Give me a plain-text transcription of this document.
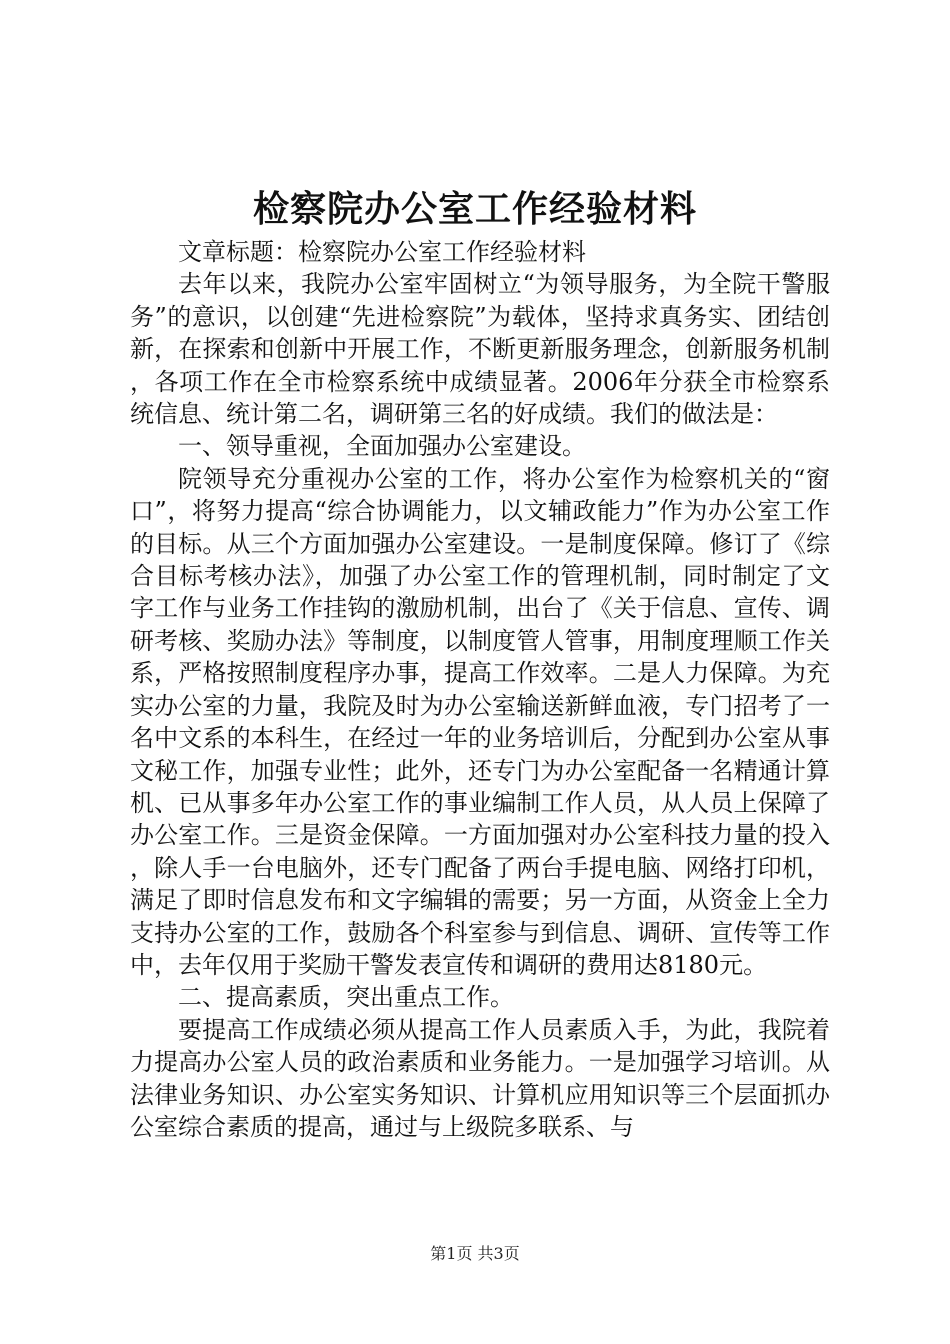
检察院办公室工作经验材料

文章标题：检察院办公室工作经验材料

去年以来，我院办公室牢固树立“为领导服务，为全院干警服务”的意识，以创建“先进检察院”为载体，坚持求真务实、团结创新，在探索和创新中开展工作，不断更新服务理念，创新服务机制，各项工作在全市检察系统中成绩显著。2006年分获全市检察系统信息、统计第二名，调研第三名的好成绩。我们的做法是：

一、领导重视，全面加强办公室建设。

院领导充分重视办公室的工作，将办公室作为检察机关的“窗口”，将努力提高“综合协调能力，以文辅政能力”作为办公室工作的目标。从三个方面加强办公室建设。一是制度保障。修订了《综合目标考核办法》，加强了办公室工作的管理机制，同时制定了文字工作与业务工作挂钩的激励机制，出台了《关于信息、宣传、调研考核、奖励办法》等制度，以制度管人管事，用制度理顺工作关系，严格按照制度程序办事，提高工作效率。二是人力保障。为充实办公室的力量，我院及时为办公室输送新鲜血液，专门招考了一名中文系的本科生，在经过一年的业务培训后，分配到办公室从事文秘工作，加强专业性；此外，还专门为办公室配备一名精通计算机、已从事多年办公室工作的事业编制工作人员，从人员上保障了办公室工作。三是资金保障。一方面加强对办公室科技力量的投入，除人手一台电脑外，还专门配备了两台手提电脑、网络打印机，满足了即时信息发布和文字编辑的需要；另一方面，从资金上全力支持办公室的工作，鼓励各个科室参与到信息、调研、宣传等工作中，去年仅用于奖励干警发表宣传和调研的费用达8180元。

二、提高素质，突出重点工作。

要提高工作成绩必须从提高工作人员素质入手，为此，我院着力提高办公室人员的政治素质和业务能力。一是加强学习培训。从法律业务知识、办公室实务知识、计算机应用知识等三个层面抓办公室综合素质的提高，通过与上级院多联系、与

第1页 共3页
